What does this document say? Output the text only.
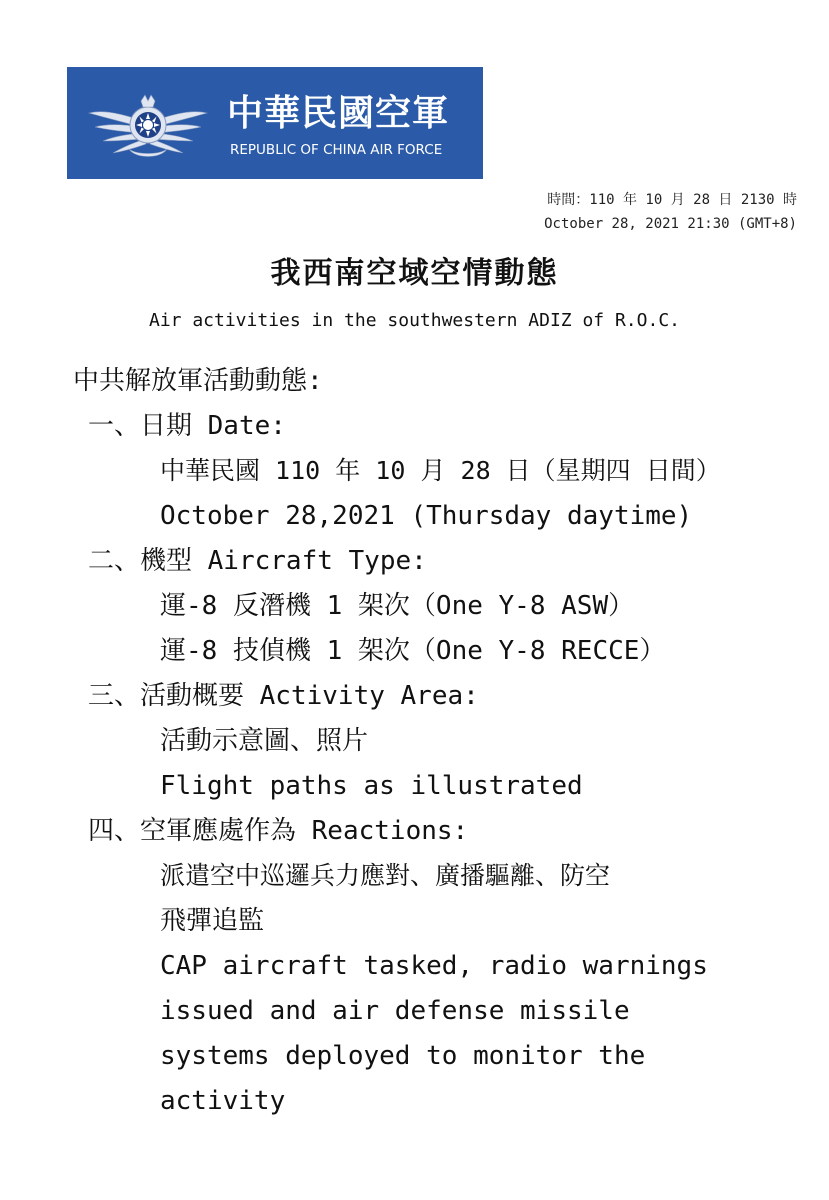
中華民國空軍
REPUBLIC OF CHINA AIR FORCE
時間：110 年 10 月 28 日 2130 時
October 28, 2021 21:30 (GMT+8)
我西南空域空情動態
Air activities in the southwestern ADIZ of R.O.C.
中共解放軍活動動態:
一、日期 Date:
中華民國 110 年 10 月 28 日（星期四 日間）
October 28,2021 (Thursday daytime)
二、機型 Aircraft Type:
運-8 反潛機 1 架次（One Y-8 ASW）
運-8 技偵機 1 架次（One Y-8 RECCE）
三、活動概要 Activity Area:
活動示意圖、照片
Flight paths as illustrated
四、空軍應處作為 Reactions:
派遣空中巡邏兵力應對、廣播驅離、防空
飛彈追監
CAP aircraft tasked, radio warnings
issued and air defense missile
systems deployed to monitor the
activity
